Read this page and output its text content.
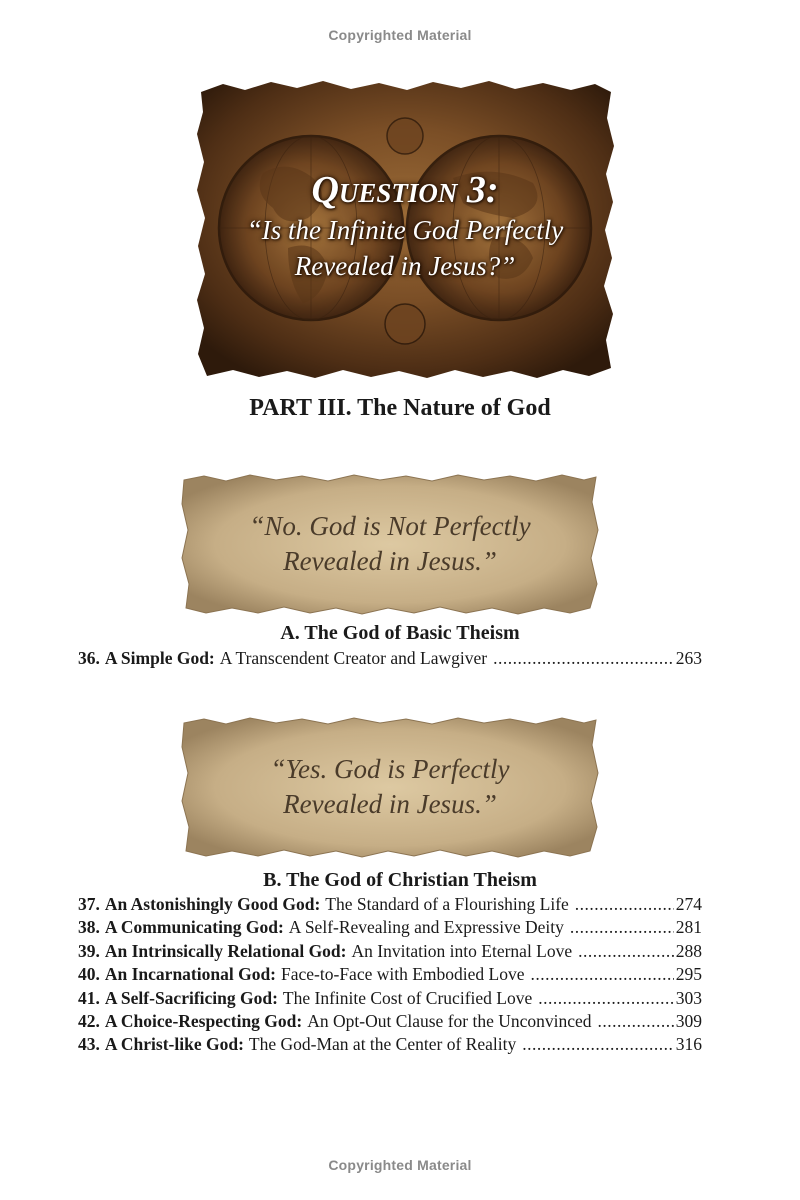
Copyrighted Material
Question 3:
“Is the Infinite God Perfectly
Revealed in Jesus?”
PART III. The Nature of God
“No. God is Not Perfectly
Revealed in Jesus.”
A. The God of Basic Theism
36. A Simple God: A Transcendent Creator and Lawgiver .....	263
“Yes. God is Perfectly
Revealed in Jesus.”
B. The God of Christian Theism
37. An Astonishingly Good God: The Standard of a Flourishing Life .....	274
38. A Communicating God: A Self-Revealing and Expressive Deity .....	281
39. An Intrinsically Relational God: An Invitation into Eternal Love .....	288
40. An Incarnational God: Face-to-Face with Embodied Love .....	295
41. A Self-Sacrificing God: The Infinite Cost of Crucified Love .....	303
42. A Choice-Respecting God: An Opt-Out Clause for the Unconvinced .....	309
43. A Christ-like God: The God-Man at the Center of Reality .....	316
Copyrighted Material
